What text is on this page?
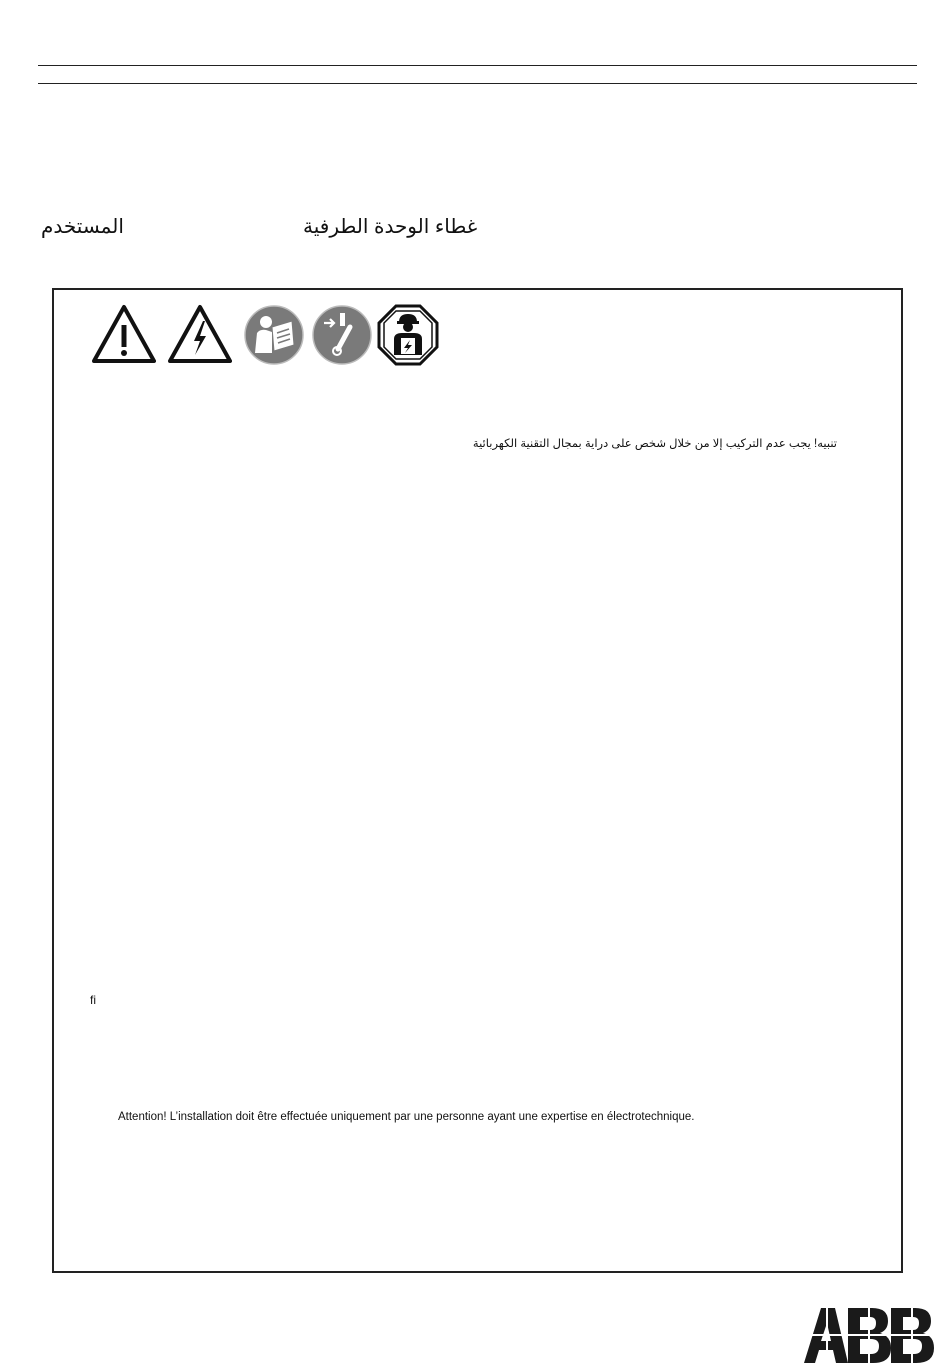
غطاء الوحدة الطرفية
المستخدم
تنبيه! يجب عدم التركيب إلا من خلال شخص على دراية بمجال التقنية الكهربائية
fi
Attention! L’installation doit être effectuée uniquement par une personne ayant une expertise en électrotechnique.
